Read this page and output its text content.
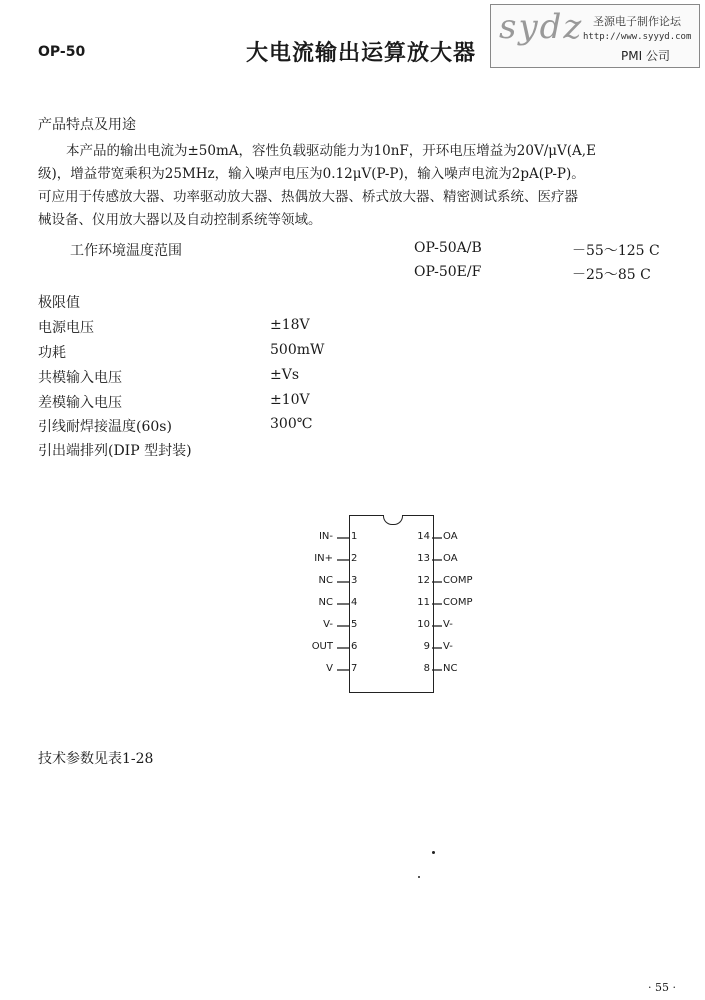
OP-50	大电流输出运算放大器
sydz 圣源电子制作论坛
http://www.syyyd.com
PMI 公司
产品特点及用途
本产品的输出电流为±50mA，容性负载驱动能力为10nF，开环电压增益为20V/μV(A,E
级)，增益带宽乘积为25MHz，输入噪声电压为0.12μV(P-P)，输入噪声电流为2pA(P-P)。
可应用于传感放大器、功率驱动放大器、热偶放大器、桥式放大器、精密测试系统、医疗器
械设备、仪用放大器以及自动控制系统等领域。
工作环境温度范围	OP-50A/B	－55～125 C
OP-50E/F	－25～85 C
极限值
电源电压	±18V
功耗	500mW
共模输入电压	±Vs
差模输入电压	±10V
引线耐焊接温度(60s)	300℃
引出端排列(DIP 型封装)
IN- 1
IN+ 2
NC 3
NC 4
V- 5
OUT 6
V 7
14 OA
13 OA
12 COMP
11 COMP
10 V-
9 V-
8 NC
技术参数见表1-28
· 55 ·
